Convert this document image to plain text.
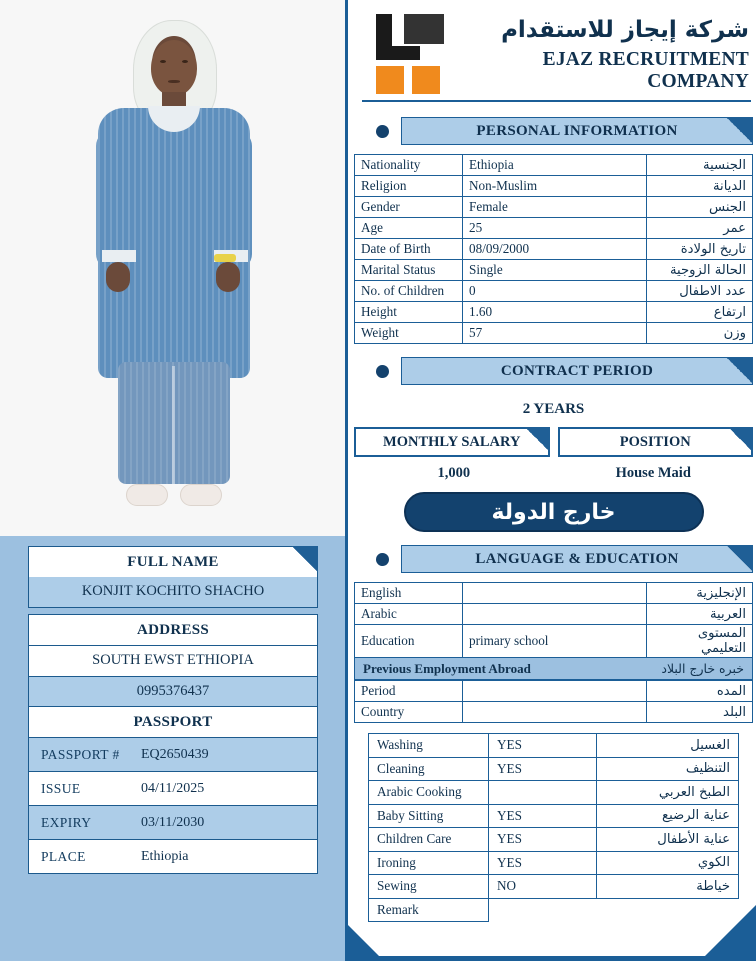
FULL NAME
KONJIT KOCHITO SHACHO
ADDRESS
SOUTH EWST ETHIOPIA
0995376437
PASSPORT
PASSPORT #	EQ2650439
ISSUE	04/11/2025
EXPIRY	03/11/2030
PLACE	Ethiopia
شركة إيجاز للاستقدام
EJAZ RECRUITMENT COMPANY
PERSONAL INFORMATION
Nationality	Ethiopia	الجنسية
Religion	Non-Muslim	الديانة
Gender	Female	الجنس
Age	25	عمر
Date of Birth	08/09/2000	تاريخ الولادة
Marital Status	Single	الحالة الزوجية
No. of Children	0	عدد الاطفال
Height	1.60	ارتفاع
Weight	57	وزن
CONTRACT PERIOD
2 YEARS
MONTHLY SALARY	POSITION
1,000	House Maid
خارج الدولة
LANGUAGE & EDUCATION
English		الإنجليزية
Arabic		العربية
Education	primary school	المستوى التعليمي
Previous Employment Abroad	خبره خارج البلاد
Period		المده
Country		البلد
Washing	YES	الغسيل
Cleaning	YES	التنظيف
Arabic Cooking		الطبخ العربي
Baby Sitting	YES	عناية الرضيع
Children Care	YES	عناية الأطفال
Ironing	YES	الكوي
Sewing	NO	خياطة
Remark		
